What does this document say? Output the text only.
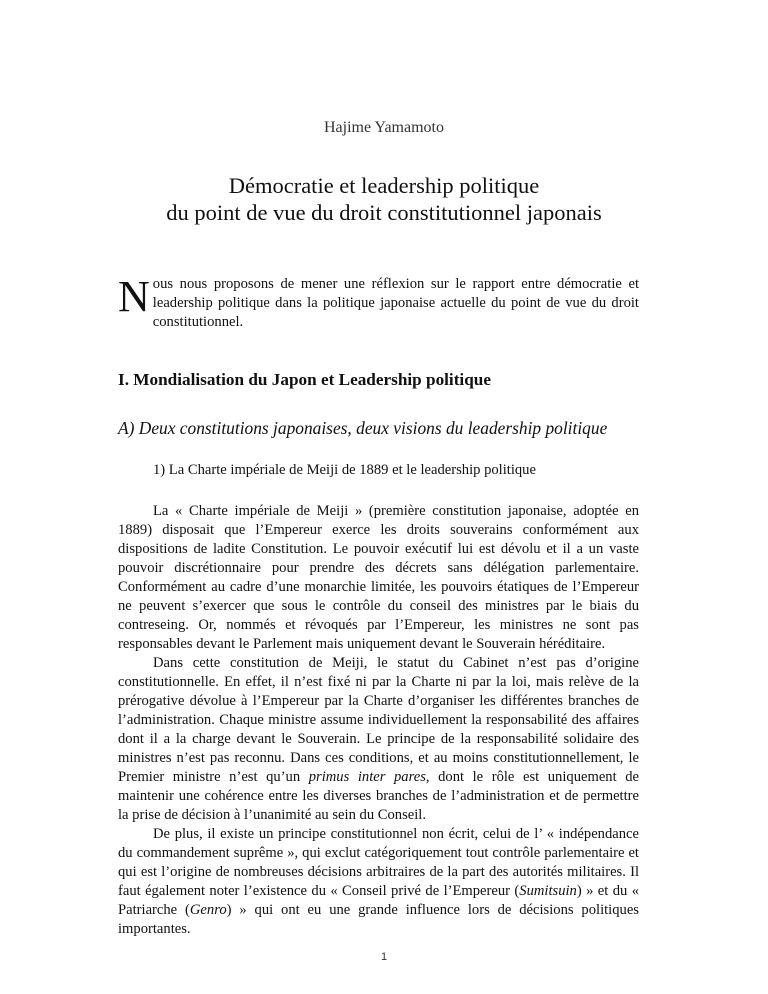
Hajime Yamamoto
Démocratie et leadership politique
du point de vue du droit constitutionnel japonais
Nous nous proposons de mener une réflexion sur le rapport entre démocratie et leadership politique dans la politique japonaise actuelle du point de vue du droit constitutionnel.
I. Mondialisation du Japon et Leadership politique
A) Deux constitutions japonaises, deux visions du leadership politique
1) La Charte impériale de Meiji de 1889 et le leadership politique

La « Charte impériale de Meiji » (première constitution japonaise, adoptée en 1889) disposait que l’Empereur exerce les droits souverains conformément aux dispositions de ladite Constitution. Le pouvoir exécutif lui est dévolu et il a un vaste pouvoir discrétionnaire pour prendre des décrets sans délégation parlementaire. Conformément au cadre d’une monarchie limitée, les pouvoirs étatiques de l’Empereur ne peuvent s’exercer que sous le contrôle du conseil des ministres par le biais du contreseing. Or, nommés et révoqués par l’Empereur, les ministres ne sont pas responsables devant le Parlement mais uniquement devant le Souverain héréditaire.

Dans cette constitution de Meiji, le statut du Cabinet n’est pas d’origine constitutionnelle. En effet, il n’est fixé ni par la Charte ni par la loi, mais relève de la prérogative dévolue à l’Empereur par la Charte d’organiser les différentes branches de l’administration. Chaque ministre assume individuellement la responsabilité des affaires dont il a la charge devant le Souverain. Le principe de la responsabilité solidaire des ministres n’est pas reconnu. Dans ces conditions, et au moins constitutionnellement, le Premier ministre n’est qu’un primus inter pares, dont le rôle est uniquement de maintenir une cohérence entre les diverses branches de l’administration et de permettre la prise de décision à l’unanimité au sein du Conseil.

De plus, il existe un principe constitutionnel non écrit, celui de l’ « indépendance du commandement suprême », qui exclut catégoriquement tout contrôle parlementaire et qui est l’origine de nombreuses décisions arbitraires de la part des autorités militaires. Il faut également noter l’existence du « Conseil privé de l’Empereur (Sumitsuin) » et du « Patriarche (Genro) » qui ont eu une grande influence lors de décisions politiques importantes.

1
